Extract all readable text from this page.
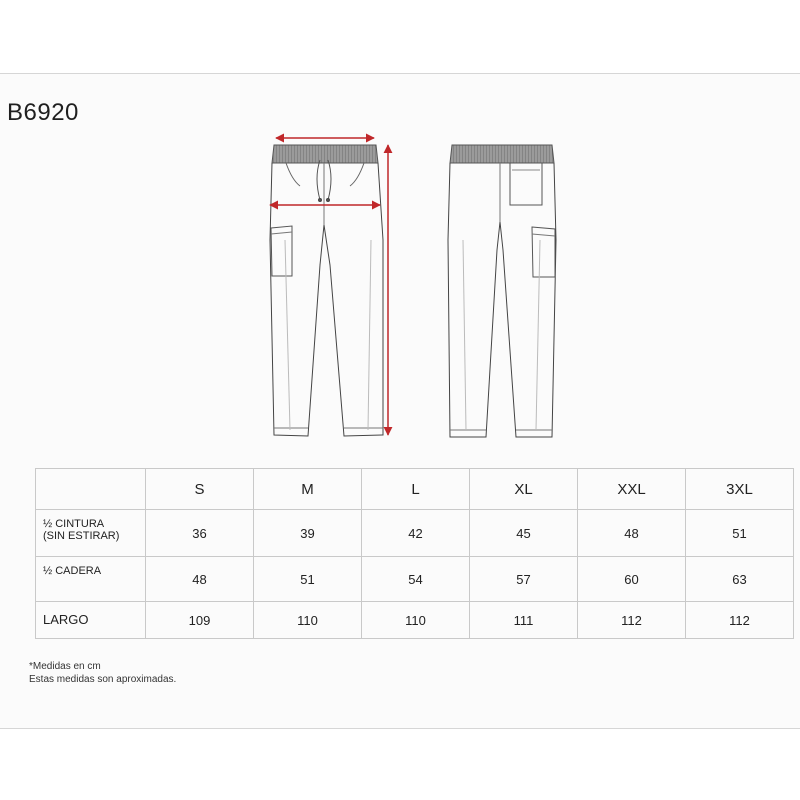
B6920
	S	M	L	XL	XXL	3XL
½ CINTURA
(SIN ESTIRAR)	36	39	42	45	48	51
½ CADERA	48	51	54	57	60	63
LARGO	109	110	110	111	112	112
*Medidas en cm
Estas medidas son aproximadas.
